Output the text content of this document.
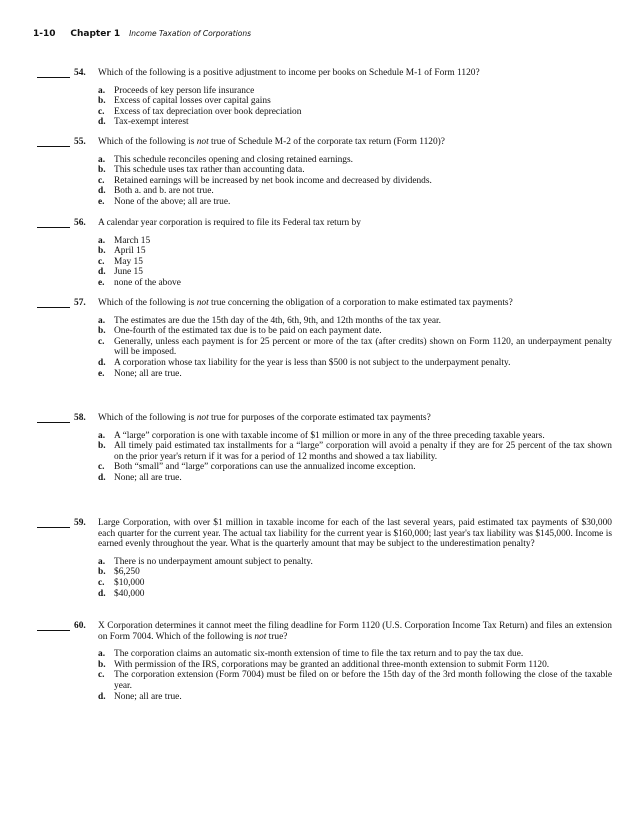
1-10 Chapter 1 Income Taxation of Corporations
54. Which of the following is a positive adjustment to income per books on Schedule M-1 of Form 1120?
a. Proceeds of key person life insurance
b. Excess of capital losses over capital gains
c. Excess of tax depreciation over book depreciation
d. Tax-exempt interest
55. Which of the following is not true of Schedule M-2 of the corporate tax return (Form 1120)?
a. This schedule reconciles opening and closing retained earnings.
b. This schedule uses tax rather than accounting data.
c. Retained earnings will be increased by net book income and decreased by dividends.
d. Both a. and b. are not true.
e. None of the above; all are true.
56. A calendar year corporation is required to file its Federal tax return by
a. March 15
b. April 15
c. May 15
d. June 15
e. none of the above
57. Which of the following is not true concerning the obligation of a corporation to make estimated tax payments?
a. The estimates are due the 15th day of the 4th, 6th, 9th, and 12th months of the tax year.
b. One-fourth of the estimated tax due is to be paid on each payment date.
c. Generally, unless each payment is for 25 percent or more of the tax (after credits) shown on Form 1120, an underpayment penalty will be imposed.
d. A corporation whose tax liability for the year is less than $500 is not subject to the underpayment penalty.
e. None; all are true.
58. Which of the following is not true for purposes of the corporate estimated tax payments?
a. A “large” corporation is one with taxable income of $1 million or more in any of the three preceding taxable years.
b. All timely paid estimated tax installments for a “large” corporation will avoid a penalty if they are for 25 percent of the tax shown on the prior year's return if it was for a period of 12 months and showed a tax liability.
c. Both “small” and “large” corporations can use the annualized income exception.
d. None; all are true.
59. Large Corporation, with over $1 million in taxable income for each of the last several years, paid estimated tax payments of $30,000 each quarter for the current year. The actual tax liability for the current year is $160,000; last year's tax liability was $145,000. Income is earned evenly throughout the year. What is the quarterly amount that may be subject to the underestimation penalty?
a. There is no underpayment amount subject to penalty.
b. $6,250
c. $10,000
d. $40,000
60. X Corporation determines it cannot meet the filing deadline for Form 1120 (U.S. Corporation Income Tax Return) and files an extension on Form 7004. Which of the following is not true?
a. The corporation claims an automatic six-month extension of time to file the tax return and to pay the tax due.
b. With permission of the IRS, corporations may be granted an additional three-month extension to submit Form 1120.
c. The corporation extension (Form 7004) must be filed on or before the 15th day of the 3rd month following the close of the taxable year.
d. None; all are true.
